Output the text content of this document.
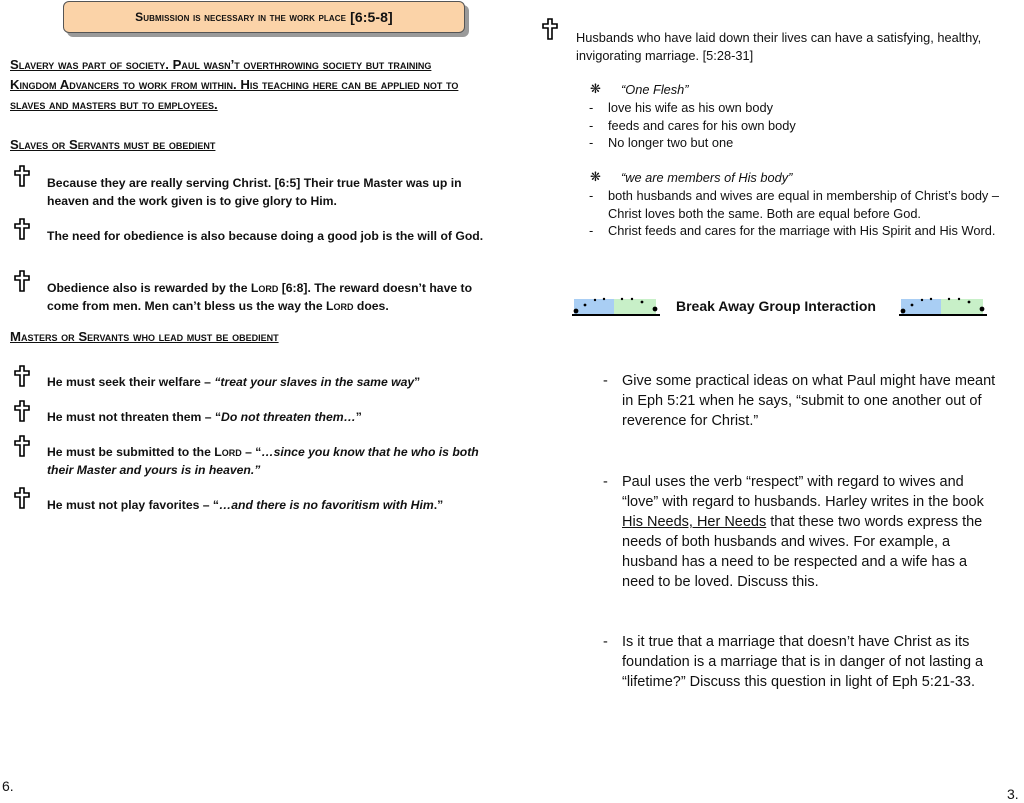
Submission is necessary in the work place [6:5-8]
Slavery was part of society. Paul wasn’t overthrowing society but training Kingdom Advancers to work from within. His teaching here can be applied not to slaves and masters but to employees.
Slaves or Servants must be obedient
Because they are really serving Christ. [6:5] Their true Master was up in heaven and the work given is to give glory to Him.
The need for obedience is also because doing a good job is the will of God.
Obedience also is rewarded by the Lord [6:8]. The reward doesn’t have to come from men. Men can’t bless us the way the Lord does.
Masters or Servants who lead must be obedient
He must seek their welfare – “treat your slaves in the same way”
He must not threaten them – “Do not threaten them…”
He must be submitted to the Lord – “…since you know that he who is both their Master and yours is in heaven.”
He must not play favorites – “…and there is no favoritism with Him.”
6.
Husbands who have laid down their lives can have a satisfying, healthy, invigorating marriage. [5:28-31]
❋ “One Flesh”
- love his wife as his own body
- feeds and cares for his own body
- No longer two but one
❋ “we are members of His body”
- both husbands and wives are equal in membership of Christ’s body – Christ loves both the same. Both are equal before God.
- Christ feeds and cares for the marriage with His Spirit and His Word.
Break Away Group Interaction
- Give some practical ideas on what Paul might have meant in Eph 5:21 when he says, “submit to one another out of reverence for Christ.”
- Paul uses the verb “respect” with regard to wives and “love” with regard to husbands. Harley writes in the book His Needs, Her Needs that these two words express the needs of both husbands and wives. For example, a husband has a need to be respected and a wife has a need to be loved. Discuss this.
- Is it true that a marriage that doesn’t have Christ as its foundation is a marriage that is in danger of not lasting a “lifetime?” Discuss this question in light of Eph 5:21-33.
3.
